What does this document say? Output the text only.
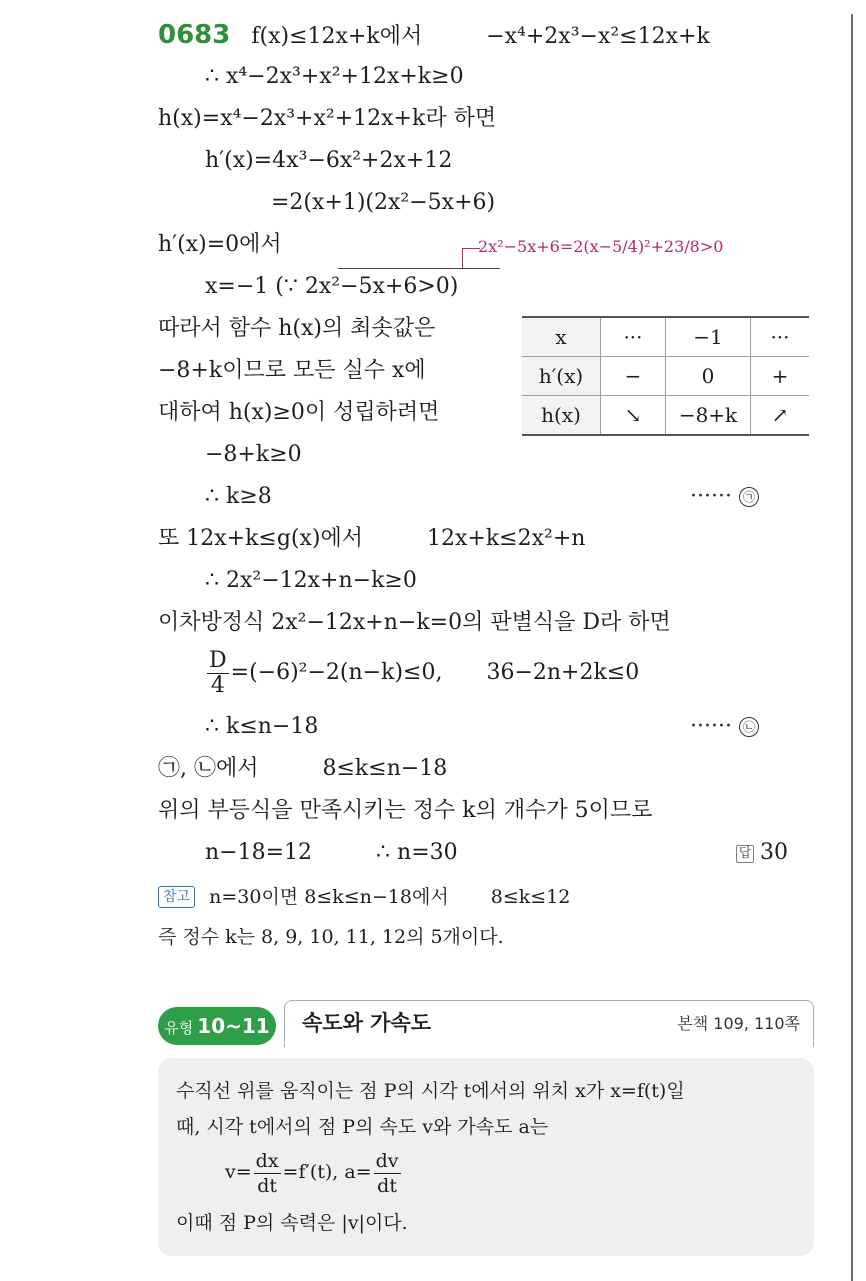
0683 f(x)≤12x+k에서	−x⁴+2x³−x²≤12x+k
∴ x⁴−2x³+x²+12x+k≥0
h(x)=x⁴−2x³+x²+12x+k라 하면
h′(x)=4x³−6x²+2x+12
=2(x+1)(2x²−5x+6)
h′(x)=0에서	2x²−5x+6=2(x−5/4)²+23/8>0
x=−1 (∵ 2x²−5x+6>0)
따라서 함수 h(x)의 최솟값은
−8+k이므로 모든 실수 x에
대하여 h(x)≥0이 성립하려면
x	···	−1	···
h′(x)	−	0	+
h(x)	↘	−8+k	↗
−8+k≥0
∴ k≥8	······ ㉠
또 12x+k≤g(x)에서	12x+k≤2x²+n
∴ 2x²−12x+n−k≥0
이차방정식 2x²−12x+n−k=0의 판별식을 D라 하면
$\frac{D}{4} =(-6)^2-2(n-k)\le 0$, 36−2n+2k≤0
∴ k≤n−18	······ ㉡
㉠, ㉡에서	8≤k≤n−18
위의 부등식을 만족시키는 정수 k의 개수가 5이므로
n−18=12	∴ n=30	답 30
참고 n=30이면 8≤k≤n−18에서 8≤k≤12
즉 정수 k는 8, 9, 10, 11, 12의 5개이다.
유형 10~11 속도와 가속도	본책 109, 110쪽
수직선 위를 움직이는 점 P의 시각 t에서의 위치 x가 x=f(t)일
때, 시각 t에서의 점 P의 속도 v와 가속도 a는
$v= \frac{dx}{dt} =f'(t)$, $a= \frac{dv}{dt}$
이때 점 P의 속력은 |v|이다.
